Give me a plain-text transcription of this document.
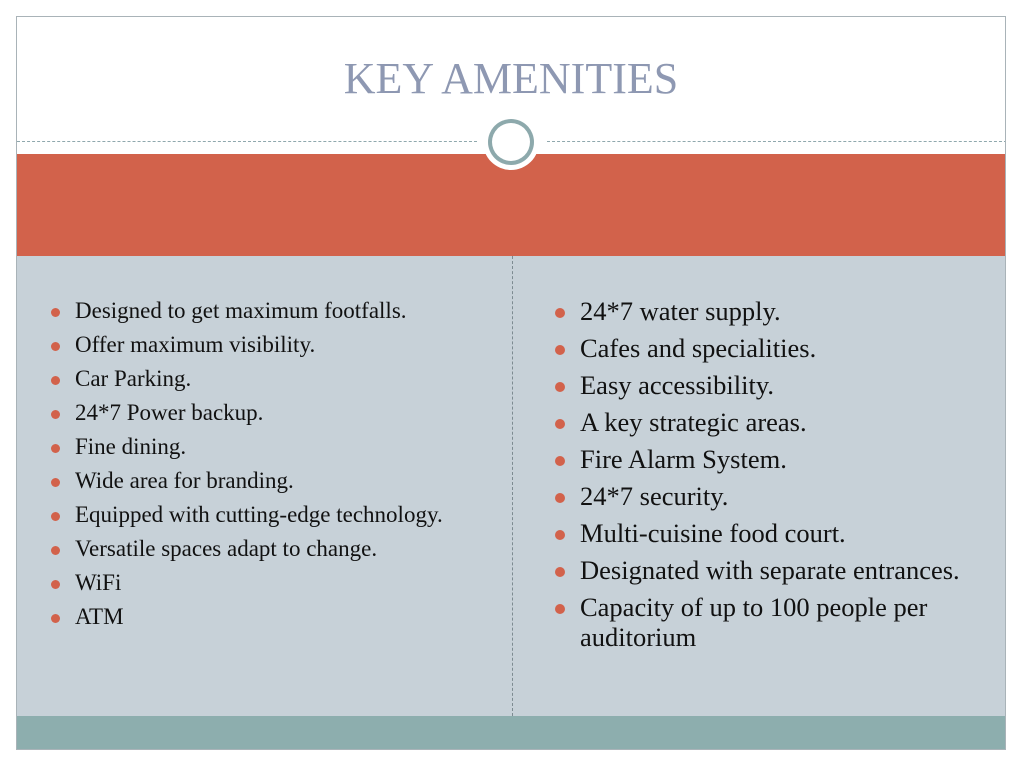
KEY AMENITIES
Designed to get maximum footfalls.
Offer maximum visibility.
Car Parking.
24*7 Power backup.
Fine dining.
Wide area for branding.
Equipped with cutting-edge technology.
Versatile spaces adapt to change.
WiFi
ATM
24*7 water supply.
Cafes and specialities.
Easy accessibility.
A key strategic areas.
Fire Alarm System.
24*7 security.
Multi-cuisine food court.
Designated with separate entrances.
Capacity of up to 100 people per auditorium
